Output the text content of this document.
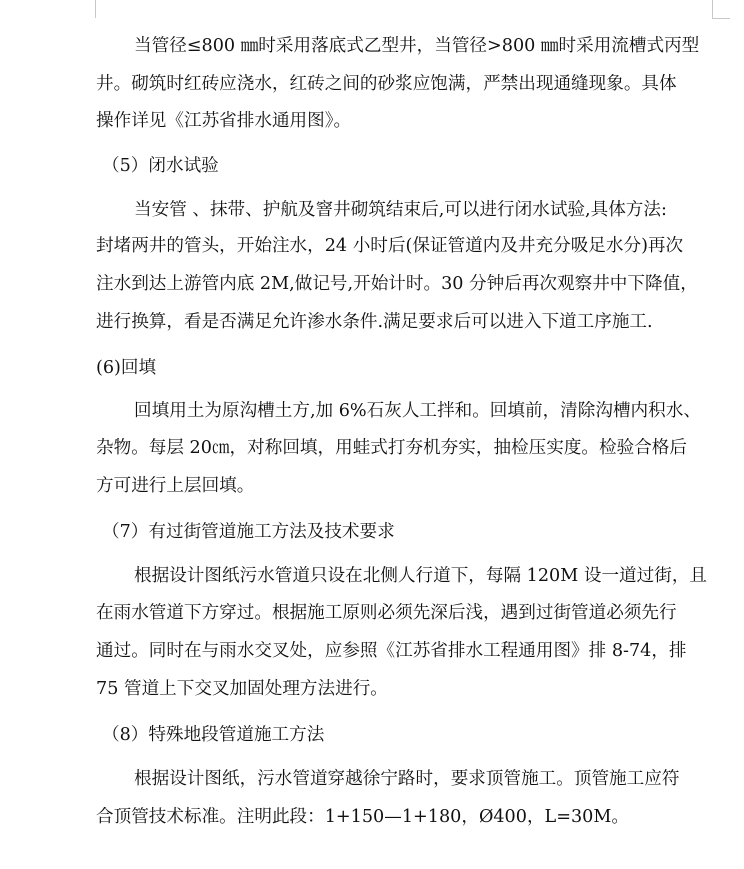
当管径≤800 ㎜时采用落底式乙型井，当管径>800 ㎜时采用流槽式丙型
井。砌筑时红砖应浇水，红砖之间的砂浆应饱满，严禁出现通缝现象。具体
操作详见《江苏省排水通用图》。
（5）闭水试验
当安管 、抹带、护航及窨井砌筑结束后,可以进行闭水试验,具体方法:
封堵两井的管头，开始注水，24 小时后(保证管道内及井充分吸足水分)再次
注水到达上游管内底 2M,做记号,开始计时。30 分钟后再次观察井中下降值，
进行换算，看是否满足允许渗水条件.满足要求后可以进入下道工序施工.
(6)回填
回填用土为原沟槽土方,加 6%石灰人工拌和。回填前，清除沟槽内积水、
杂物。每层 20㎝，对称回填，用蛙式打夯机夯实，抽检压实度。检验合格后
方可进行上层回填。
（7）有过街管道施工方法及技术要求
根据设计图纸污水管道只设在北侧人行道下，每隔 120M 设一道过街，且
在雨水管道下方穿过。根据施工原则必须先深后浅，遇到过街管道必须先行
通过。同时在与雨水交叉处，应参照《江苏省排水工程通用图》排 8-74，排
75 管道上下交叉加固处理方法进行。
（8）特殊地段管道施工方法
根据设计图纸，污水管道穿越徐宁路时，要求顶管施工。顶管施工应符
合顶管技术标准。注明此段：1+150—1+180，Ø400，L=30M。
